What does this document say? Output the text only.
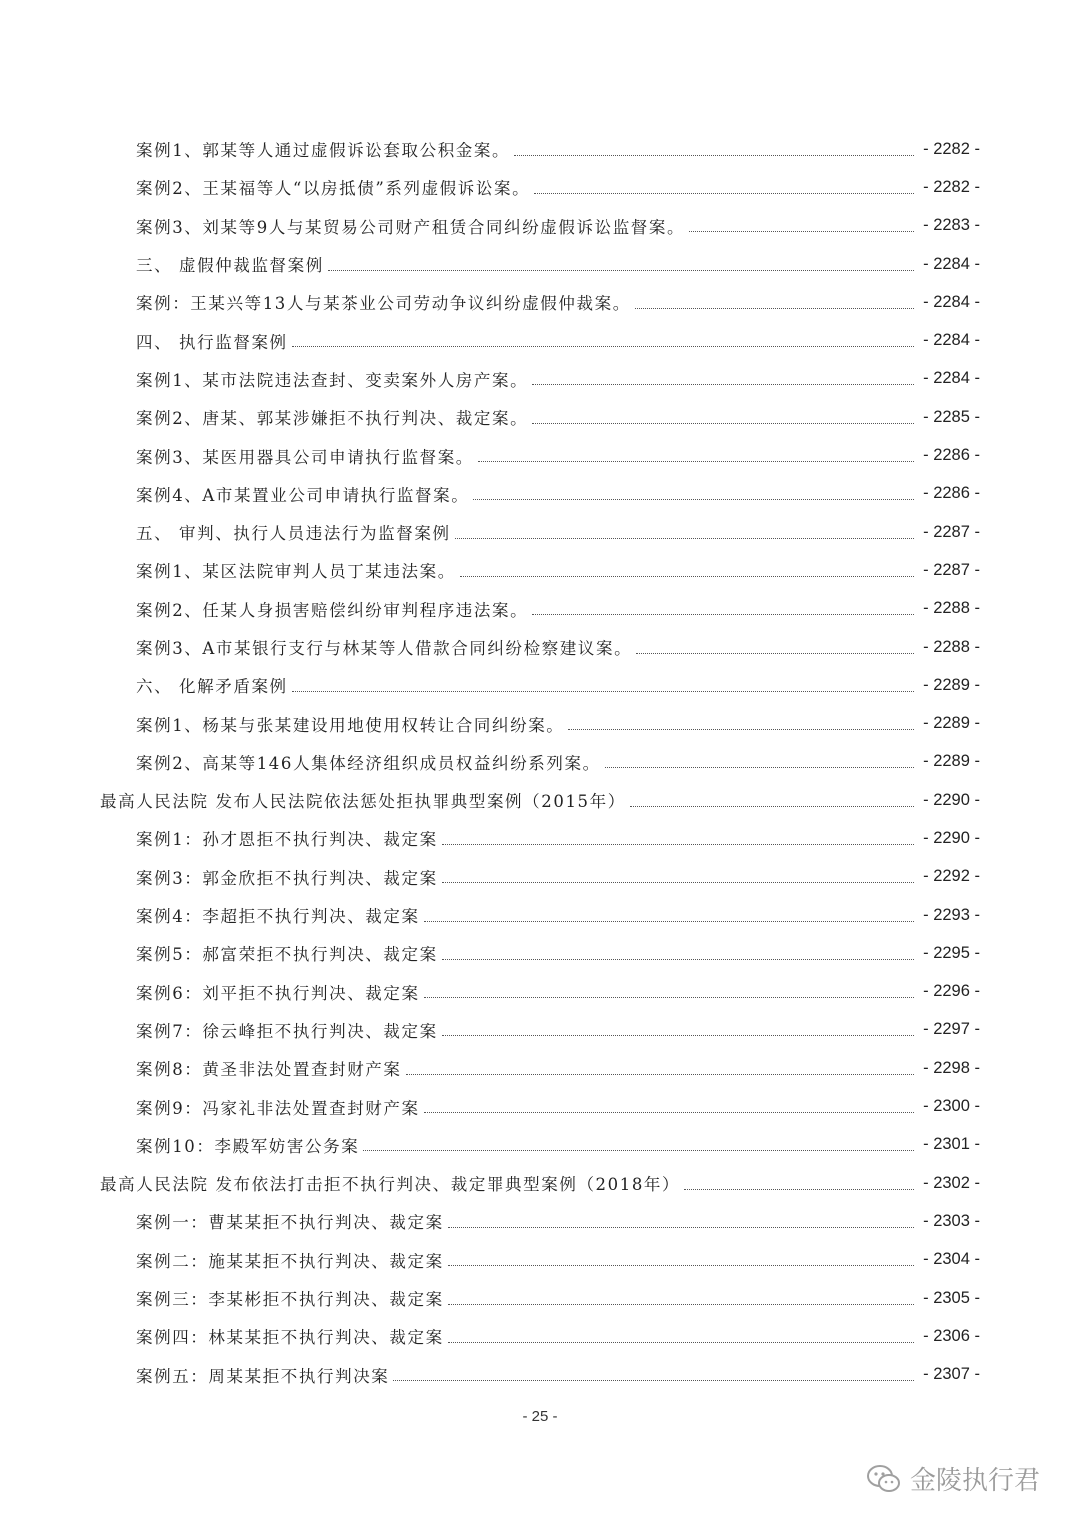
案例1、郭某等人通过虚假诉讼套取公积金案。	- 2282 -
案例2、王某福等人“以房抵债”系列虚假诉讼案。	- 2282 -
案例3、刘某等9人与某贸易公司财产租赁合同纠纷虚假诉讼监督案。	- 2283 -
三、 虚假仲裁监督案例	- 2284 -
案例：王某兴等13人与某茶业公司劳动争议纠纷虚假仲裁案。	- 2284 -
四、 执行监督案例	- 2284 -
案例1、某市法院违法查封、变卖案外人房产案。	- 2284 -
案例2、唐某、郭某涉嫌拒不执行判决、裁定案。	- 2285 -
案例3、某医用器具公司申请执行监督案。	- 2286 -
案例4、A市某置业公司申请执行监督案。	- 2286 -
五、 审判、执行人员违法行为监督案例	- 2287 -
案例1、某区法院审判人员丁某违法案。	- 2287 -
案例2、任某人身损害赔偿纠纷审判程序违法案。	- 2288 -
案例3、A市某银行支行与林某等人借款合同纠纷检察建议案。	- 2288 -
六、 化解矛盾案例	- 2289 -
案例1、杨某与张某建设用地使用权转让合同纠纷案。	- 2289 -
案例2、高某等146人集体经济组织成员权益纠纷系列案。	- 2289 -
最高人民法院 发布人民法院依法惩处拒执罪典型案例（2015年）	- 2290 -
案例1：孙才恩拒不执行判决、裁定案	- 2290 -
案例3：郭金欣拒不执行判决、裁定案	- 2292 -
案例4：李超拒不执行判决、裁定案	- 2293 -
案例5：郝富荣拒不执行判决、裁定案	- 2295 -
案例6：刘平拒不执行判决、裁定案	- 2296 -
案例7：徐云峰拒不执行判决、裁定案	- 2297 -
案例8：黄圣非法处置查封财产案	- 2298 -
案例9：冯家礼非法处置查封财产案	- 2300 -
案例10：李殿军妨害公务案	- 2301 -
最高人民法院 发布依法打击拒不执行判决、裁定罪典型案例（2018年）	- 2302 -
案例一：曹某某拒不执行判决、裁定案	- 2303 -
案例二：施某某拒不执行判决、裁定案	- 2304 -
案例三：李某彬拒不执行判决、裁定案	- 2305 -
案例四：林某某拒不执行判决、裁定案	- 2306 -
案例五：周某某拒不执行判决案	- 2307 -
- 25 -
金陵执行君
